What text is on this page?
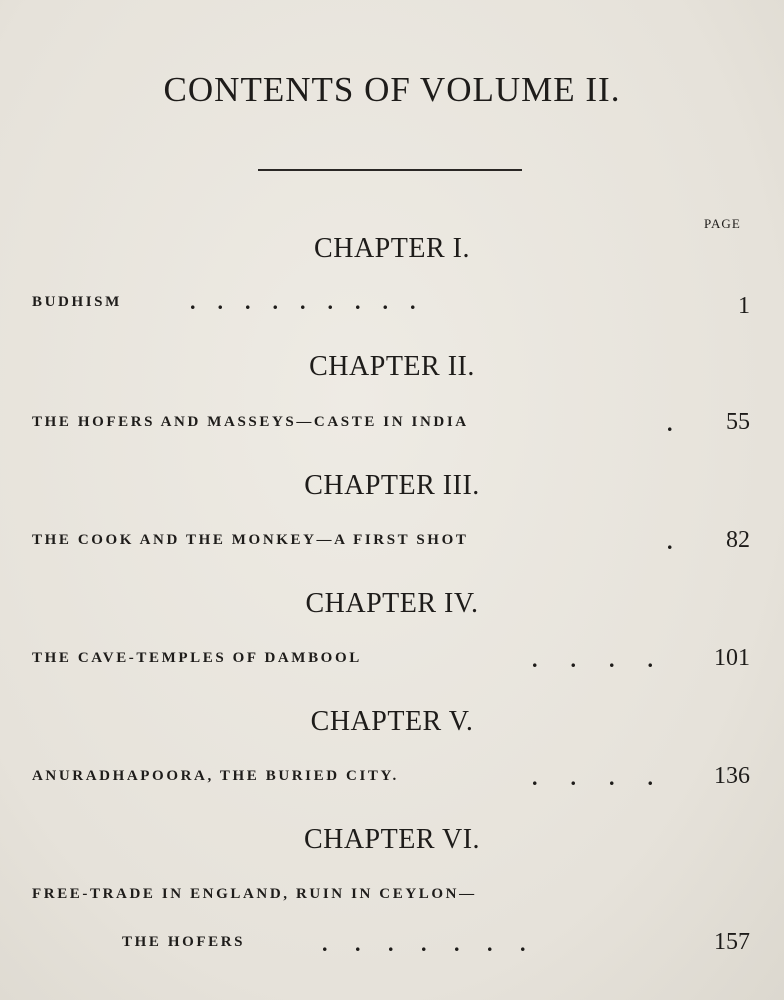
CONTENTS OF VOLUME II.
PAGE
CHAPTER I.
BUDHISM	.    .    .    .    .    .    .    .    .	1
CHAPTER II.
THE HOFERS AND MASSEYS—CASTE IN INDIA	. 55
CHAPTER III.
THE COOK AND THE MONKEY—A FIRST SHOT	. 82
CHAPTER IV.
THE CAVE-TEMPLES OF DAMBOOL	.      .      .      .	101
CHAPTER V.
ANURADHAPOORA, THE BURIED CITY.	.      .      .      .	136
CHAPTER VI.
FREE-TRADE IN ENGLAND, RUIN IN CEYLON—
THE HOFERS	.     .     .     .     .     .     .	157
